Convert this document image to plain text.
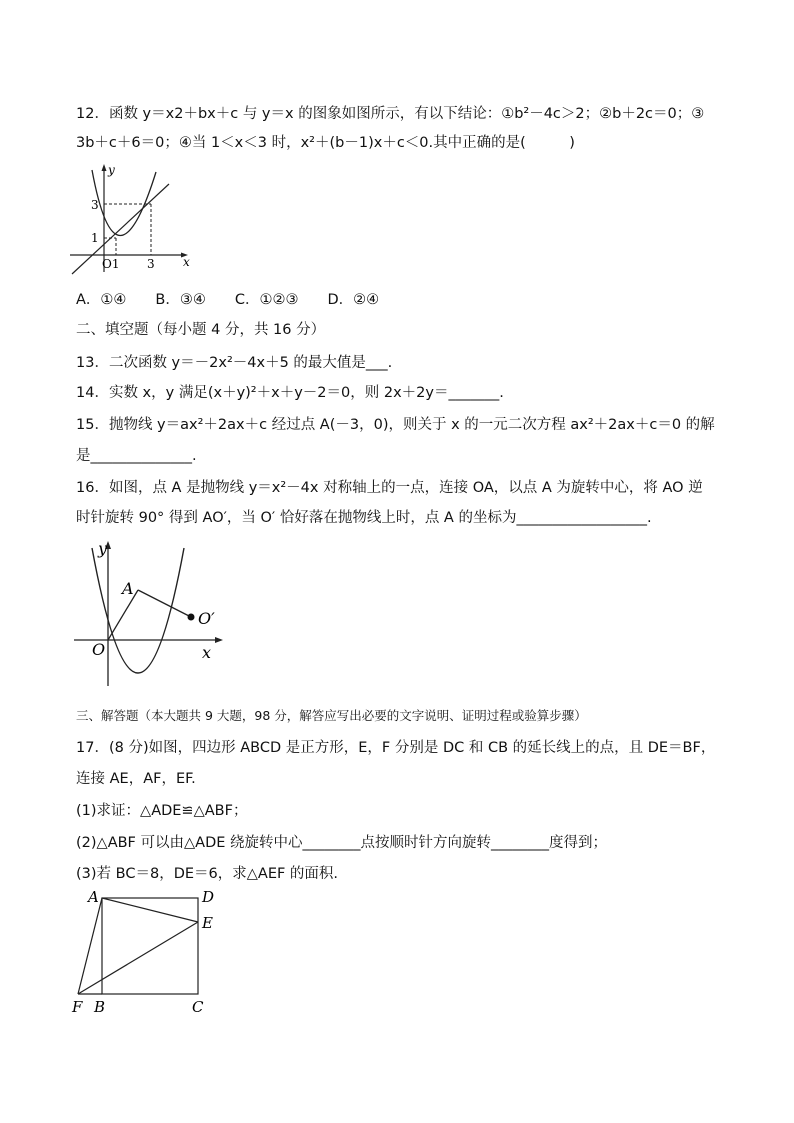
12．函数 y＝x2＋bx＋c 与 y＝x 的图象如图所示，有以下结论：①b²－4c＞2；②b＋2c＝0；③
3b＋c＋6＝0；④当 1＜x＜3 时，x²＋(b－1)x＋c＜0.其中正确的是(　　　)
y
x
3
1
O1 3
A．①④　　B．③④　　C．①②③　　D．②④
二、填空题（每小题 4 分，共 16 分）
13．二次函数 y＝－2x²－4x＋5 的最大值是___.
14．实数 x，y 满足(x＋y)²＋x＋y－2＝0，则 2x＋2y＝_______.
15．抛物线 y＝ax²＋2ax＋c 经过点 A(－3，0)，则关于 x 的一元二次方程 ax²＋2ax＋c＝0 的解
是______________.
16．如图，点 A 是抛物线 y＝x²－4x 对称轴上的一点，连接 OA，以点 A 为旋转中心，将 AO 逆
时针旋转 90° 得到 AO′，当 O′ 恰好落在抛物线上时，点 A 的坐标为__________________.
y
x
O
A
O′
三、解答题（本大题共 9 大题，98 分，解答应写出必要的文字说明、证明过程或验算步骤）
17．(8 分)如图，四边形 ABCD 是正方形，E，F 分别是 DC 和 CB 的延长线上的点，且 DE＝BF，
连接 AE，AF，EF.
(1)求证：△ADE≌△ABF；
(2)△ABF 可以由△ADE 绕旋转中心________点按顺时针方向旋转________度得到；
(3)若 BC＝8，DE＝6，求△AEF 的面积.
A	D
E
F B	C
